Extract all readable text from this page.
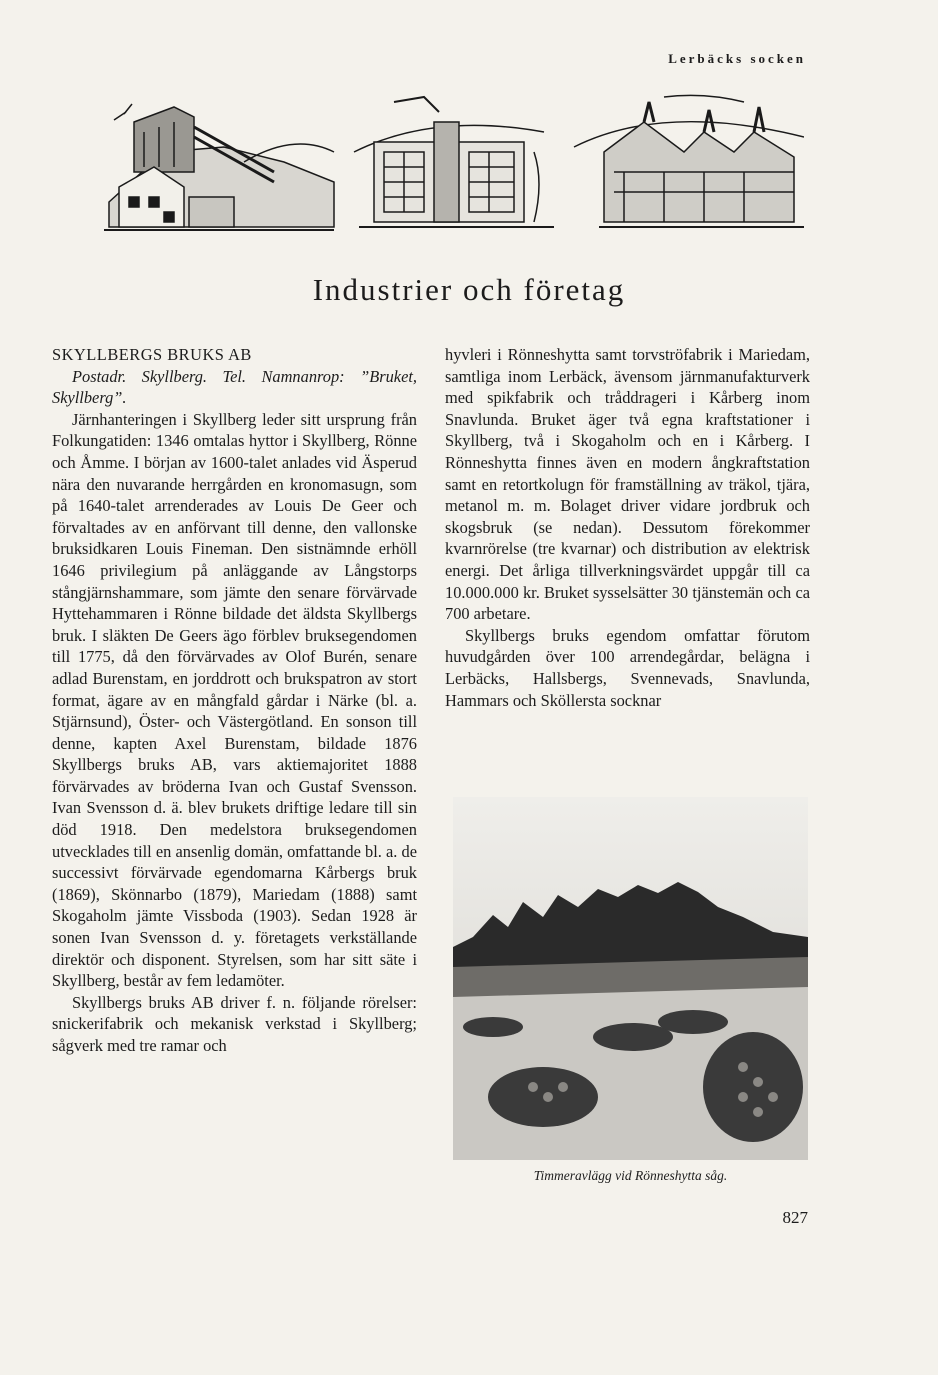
Lerbäcks socken
Industrier och företag

SKYLLBERGS BRUKS AB

Postadr. Skyllberg. Tel. Namnanrop: ”Bruket, Skyllberg”.

Järnhanteringen i Skyllberg leder sitt ursprung från Folkungatiden: 1346 omtalas hyttor i Skyllberg, Rönne och Åmme. I början av 1600-talet anlades vid Äsperud nära den nuvarande herrgården en kronomasugn, som på 1640-talet arrenderades av Louis De Geer och förvaltades av en anförvant till denne, den vallonske bruksidkaren Louis Fineman. Den sistnämnde erhöll 1646 privilegium på anläggande av Långstorps stångjärnshammare, som jämte den senare förvärvade Hyttehammaren i Rönne bildade det äldsta Skyllbergs bruk. I släkten De Geers ägo förblev bruksegendomen till 1775, då den förvärvades av Olof Burén, senare adlad Burenstam, en jorddrott och brukspatron av stort format, ägare av en mångfald gårdar i Närke (bl. a. Stjärnsund), Öster- och Västergötland. En sonson till denne, kapten Axel Burenstam, bildade 1876 Skyllbergs bruks AB, vars aktiemajoritet 1888 förvärvades av bröderna Ivan och Gustaf Svensson. Ivan Svensson d. ä. blev brukets driftige ledare till sin död 1918. Den medelstora bruksegendomen utvecklades till en ansenlig domän, omfattande bl. a. de successivt förvärvade egendomarna Kårbergs bruk (1869), Skönnarbo (1879), Mariedam (1888) samt Skogaholm jämte Vissboda (1903). Sedan 1928 är sonen Ivan Svensson d. y. företagets verkställande direktör och disponent. Styrelsen, som har sitt säte i Skyllberg, består av fem ledamöter.

Skyllbergs bruks AB driver f. n. följande rörelser: snickerifabrik och mekanisk verkstad i Skyllberg; sågverk med tre ramar och

hyvleri i Rönneshytta samt torvströfabrik i Mariedam, samtliga inom Lerbäck, ävensom järnmanufakturverk med spikfabrik och tråddrageri i Kårberg inom Snavlunda. Bruket äger två egna kraftstationer i Skyllberg, två i Skogaholm och en i Kårberg. I Rönneshytta finnes även en modern ångkraftstation samt en retortkolugn för framställning av träkol, tjära, metanol m. m. Bolaget driver vidare jordbruk och skogsbruk (se nedan). Dessutom förekommer kvarnrörelse (tre kvarnar) och distribution av elektrisk energi. Det årliga tillverkningsvärdet uppgår till ca 10.000.000 kr. Bruket sysselsätter 30 tjänstemän och ca 700 arbetare.

Skyllbergs bruks egendom omfattar förutom huvudgården över 100 arrendegårdar, belägna i Lerbäcks, Hallsbergs, Svennevads, Snavlunda, Hammars och Sköllersta socknar

Timmeravlägg vid Rönneshytta såg.
827
